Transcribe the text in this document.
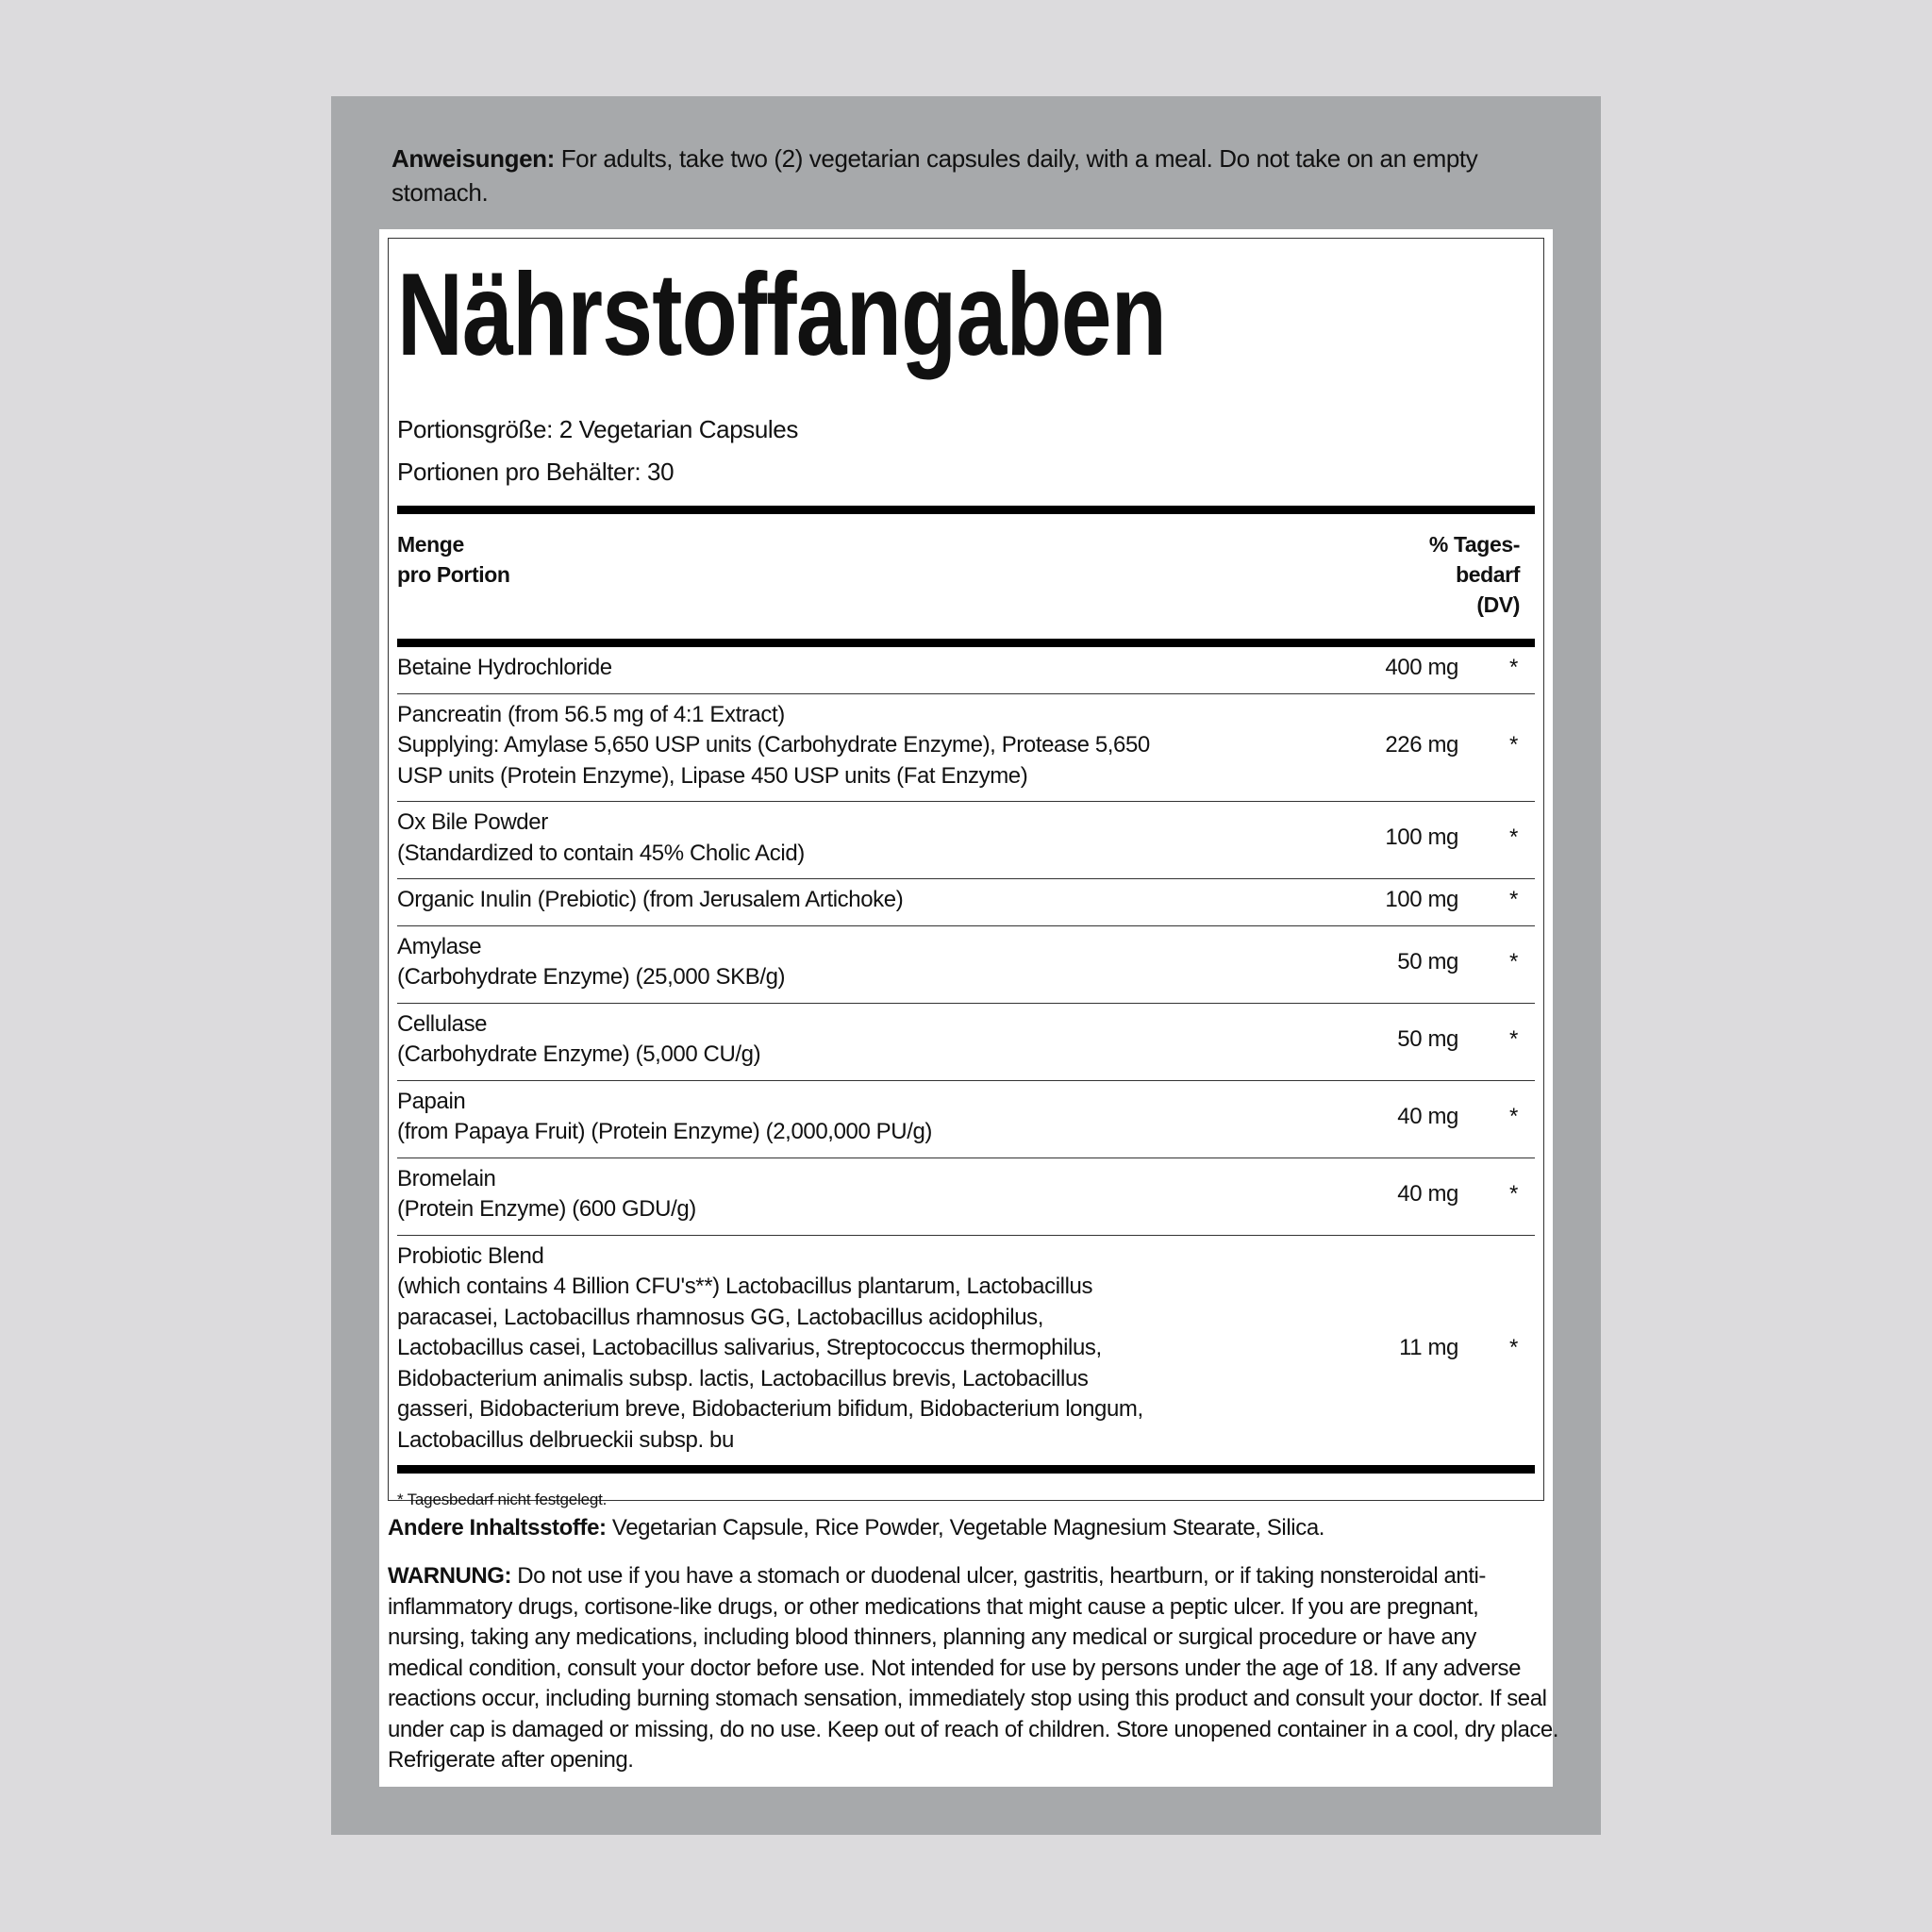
Anweisungen: For adults, take two (2) vegetarian capsules daily, with a meal. Do not take on an empty stomach.
Nährstoffangaben
Portionsgröße: 2 Vegetarian Capsules
Portionen pro Behälter: 30
Menge
pro Portion
% Tages-
bedarf
(DV)
Betaine Hydrochloride	400 mg	*
Pancreatin (from 56.5 mg of 4:1 Extract)
Supplying: Amylase 5,650 USP units (Carbohydrate Enzyme), Protease 5,650
USP units (Protein Enzyme), Lipase 450 USP units (Fat Enzyme)
226 mg	*
Ox Bile Powder
(Standardized to contain 45% Cholic Acid)
100 mg	*
Organic Inulin (Prebiotic) (from Jerusalem Artichoke)	100 mg	*
Amylase
(Carbohydrate Enzyme) (25,000 SKB/g)
50 mg	*
Cellulase
(Carbohydrate Enzyme) (5,000 CU/g)
50 mg	*
Papain
(from Papaya Fruit) (Protein Enzyme) (2,000,000 PU/g)
40 mg	*
Bromelain
(Protein Enzyme) (600 GDU/g)
40 mg	*
Probiotic Blend
(which contains 4 Billion CFU's**) Lactobacillus plantarum, Lactobacillus
paracasei, Lactobacillus rhamnosus GG, Lactobacillus acidophilus,
Lactobacillus casei, Lactobacillus salivarius, Streptococcus thermophilus,
Bidobacterium animalis subsp. lactis, Lactobacillus brevis, Lactobacillus
gasseri, Bidobacterium breve, Bidobacterium bifidum, Bidobacterium longum,
Lactobacillus delbrueckii subsp. bu
11 mg	*
* Tagesbedarf nicht festgelegt.
Andere Inhaltsstoffe: Vegetarian Capsule, Rice Powder, Vegetable Magnesium Stearate, Silica.
WARNUNG: Do not use if you have a stomach or duodenal ulcer, gastritis, heartburn, or if taking nonsteroidal anti-
inflammatory drugs, cortisone-like drugs, or other medications that might cause a peptic ulcer. If you are pregnant,
nursing, taking any medications, including blood thinners, planning any medical or surgical procedure or have any
medical condition, consult your doctor before use. Not intended for use by persons under the age of 18. If any adverse
reactions occur, including burning stomach sensation, immediately stop using this product and consult your doctor. If seal
under cap is damaged or missing, do no use. Keep out of reach of children. Store unopened container in a cool, dry place.
Refrigerate after opening.
